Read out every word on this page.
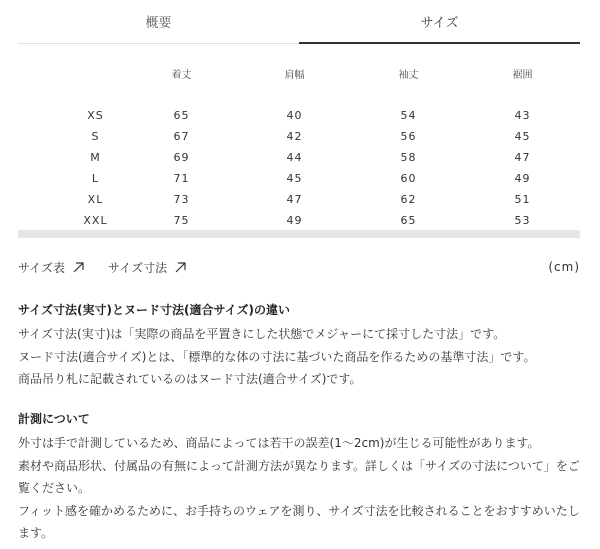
概要	サイズ
	着丈	肩幅	袖丈	裾囲

XS	65	40	54	43
S	67	42	56	45
M	69	44	58	47
L	71	45	60	49
XL	73	47	62	51
XXL	75	49	65	53
サイズ表	サイズ寸法	(cm)
サイズ寸法(実寸)とヌード寸法(適合サイズ)の違い

サイズ寸法(実寸)は「実際の商品を平置きにした状態でメジャーにて採寸した寸法」です。

ヌード寸法(適合サイズ)とは、「標準的な体の寸法に基づいた商品を作るための基準寸法」です。

商品吊り札に記載されているのはヌード寸法(適合サイズ)です。

計測について

外寸は手で計測しているため、商品によっては若干の誤差(1〜2cm)が生じる可能性があります。

素材や商品形状、付属品の有無によって計測方法が異なります。詳しくは「サイズの寸法について」をご覧ください。

フィット感を確かめるために、お手持ちのウェアを測り、サイズ寸法を比較されることをおすすめいたします。
